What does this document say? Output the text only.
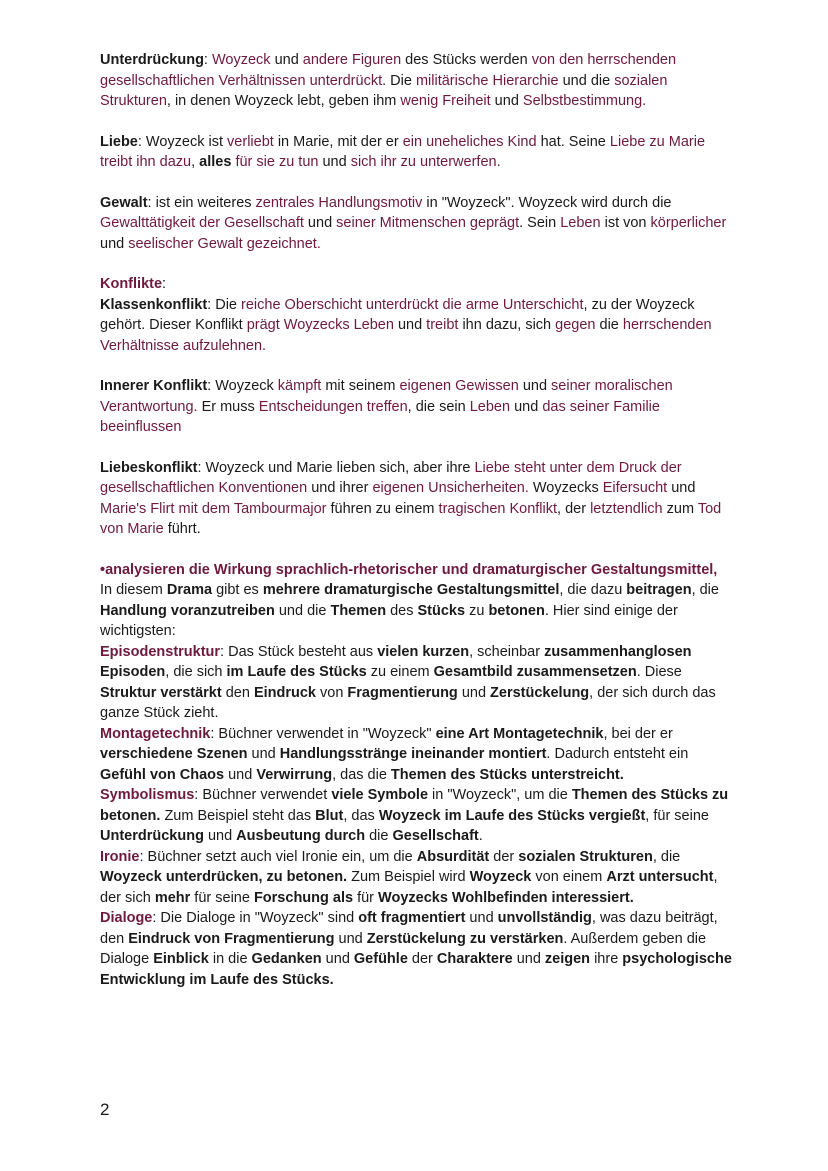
Unterdrückung: Woyzeck und andere Figuren des Stücks werden von den herrschenden gesellschaftlichen Verhältnissen unterdrückt. Die militärische Hierarchie und die sozialen Strukturen, in denen Woyzeck lebt, geben ihm wenig Freiheit und Selbstbestimmung.

Liebe: Woyzeck ist verliebt in Marie, mit der er ein uneheliches Kind hat. Seine Liebe zu Marie treibt ihn dazu, alles für sie zu tun und sich ihr zu unterwerfen.

Gewalt: ist ein weiteres zentrales Handlungsmotiv in "Woyzeck". Woyzeck wird durch die Gewalttätigkeit der Gesellschaft und seiner Mitmenschen geprägt. Sein Leben ist von körperlicher und seelischer Gewalt gezeichnet.

Konflikte:

Klassenkonflikt: Die reiche Oberschicht unterdrückt die arme Unterschicht, zu der Woyzeck gehört. Dieser Konflikt prägt Woyzecks Leben und treibt ihn dazu, sich gegen die herrschenden Verhältnisse aufzulehnen.

Innerer Konflikt: Woyzeck kämpft mit seinem eigenen Gewissen und seiner moralischen Verantwortung. Er muss Entscheidungen treffen, die sein Leben und das seiner Familie beeinflussen

Liebeskonflikt: Woyzeck und Marie lieben sich, aber ihre Liebe steht unter dem Druck der gesellschaftlichen Konventionen und ihrer eigenen Unsicherheiten. Woyzecks Eifersucht und Marie's Flirt mit dem Tambourmajor führen zu einem tragischen Konflikt, der letztendlich zum Tod von Marie führt.

•analysieren die Wirkung sprachlich-rhetorischer und dramaturgischer Gestaltungsmittel,

In diesem Drama gibt es mehrere dramaturgische Gestaltungsmittel, die dazu beitragen, die Handlung voranzutreiben und die Themen des Stücks zu betonen. Hier sind einige der wichtigsten:

Episodenstruktur: Das Stück besteht aus vielen kurzen, scheinbar zusammenhanglosen Episoden, die sich im Laufe des Stücks zu einem Gesamtbild zusammensetzen. Diese Struktur verstärkt den Eindruck von Fragmentierung und Zerstückelung, der sich durch das ganze Stück zieht.

Montagetechnik: Büchner verwendet in "Woyzeck" eine Art Montagetechnik, bei der er verschiedene Szenen und Handlungsstränge ineinander montiert. Dadurch entsteht ein Gefühl von Chaos und Verwirrung, das die Themen des Stücks unterstreicht.

Symbolismus: Büchner verwendet viele Symbole in "Woyzeck", um die Themen des Stücks zu betonen. Zum Beispiel steht das Blut, das Woyzeck im Laufe des Stücks vergießt, für seine Unterdrückung und Ausbeutung durch die Gesellschaft.

Ironie: Büchner setzt auch viel Ironie ein, um die Absurdität der sozialen Strukturen, die Woyzeck unterdrücken, zu betonen. Zum Beispiel wird Woyzeck von einem Arzt untersucht, der sich mehr für seine Forschung als für Woyzecks Wohlbefinden interessiert.

Dialoge: Die Dialoge in "Woyzeck" sind oft fragmentiert und unvollständig, was dazu beiträgt, den Eindruck von Fragmentierung und Zerstückelung zu verstärken. Außerdem geben die Dialoge Einblick in die Gedanken und Gefühle der Charaktere und zeigen ihre psychologische Entwicklung im Laufe des Stücks.

2
